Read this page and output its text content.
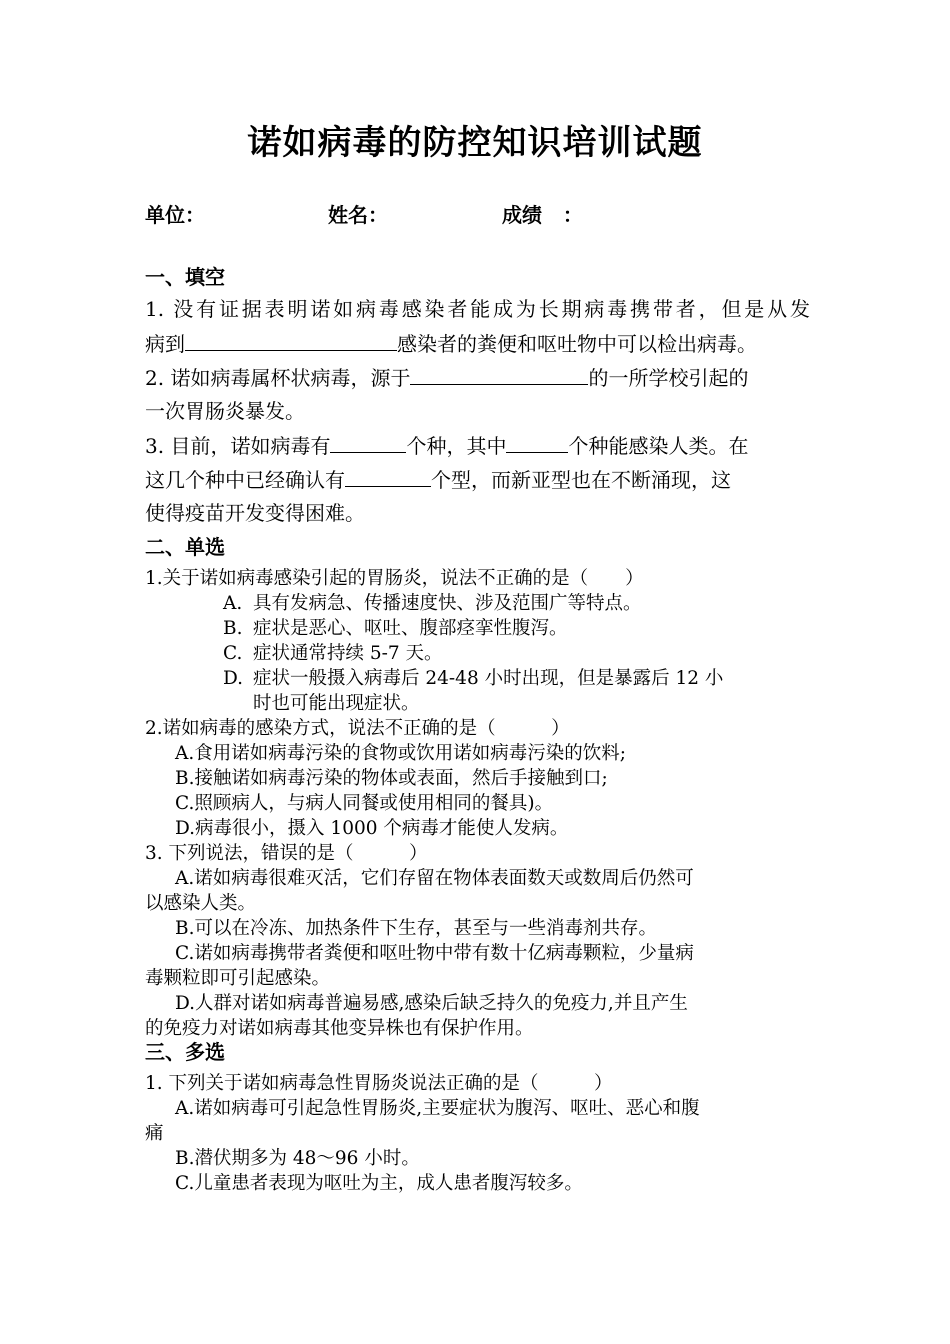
诺如病毒的防控知识培训试题
单位：	姓名：	成绩   ：
一、填空
1. 没有证据表明诺如病毒感染者能成为长期病毒携带者，但是从发
病到	感染者的粪便和呕吐物中可以检出病毒。
2. 诺如病毒属杯状病毒，源于	的一所学校引起的
一次胃肠炎暴发。
3. 目前，诺如病毒有	个种，其中	个种能感染人类。在
这几个种中已经确认有	个型，而新亚型也在不断涌现，这
使得疫苗开发变得困难。
二、单选
1.关于诺如病毒感染引起的胃肠炎，说法不正确的是（　　）
A. 具有发病急、传播速度快、涉及范围广等特点。
B. 症状是恶心、呕吐、腹部痉挛性腹泻。
C. 症状通常持续 5-7 天。
D. 症状一般摄入病毒后 24-48 小时出现，但是暴露后 12 小
时也可能出现症状。
2.诺如病毒的感染方式，说法不正确的是（　　　）
A.食用诺如病毒污染的食物或饮用诺如病毒污染的饮料;
B.接触诺如病毒污染的物体或表面，然后手接触到口;
C.照顾病人，与病人同餐或使用相同的餐具)。
D.病毒很小，摄入 1000 个病毒才能使人发病。
3. 下列说法，错误的是（　　　）
A.诺如病毒很难灭活，它们存留在物体表面数天或数周后仍然可
以感染人类。
B.可以在冷冻、加热条件下生存，甚至与一些消毒剂共存。
C.诺如病毒携带者粪便和呕吐物中带有数十亿病毒颗粒，少量病
毒颗粒即可引起感染。
D.人群对诺如病毒普遍易感,感染后缺乏持久的免疫力,并且产生
的免疫力对诺如病毒其他变异株也有保护作用。
三、多选
1. 下列关于诺如病毒急性胃肠炎说法正确的是（　　　）
A.诺如病毒可引起急性胃肠炎,主要症状为腹泻、呕吐、恶心和腹
痛
B.潜伏期多为 48～96 小时。
C.儿童患者表现为呕吐为主，成人患者腹泻较多。
